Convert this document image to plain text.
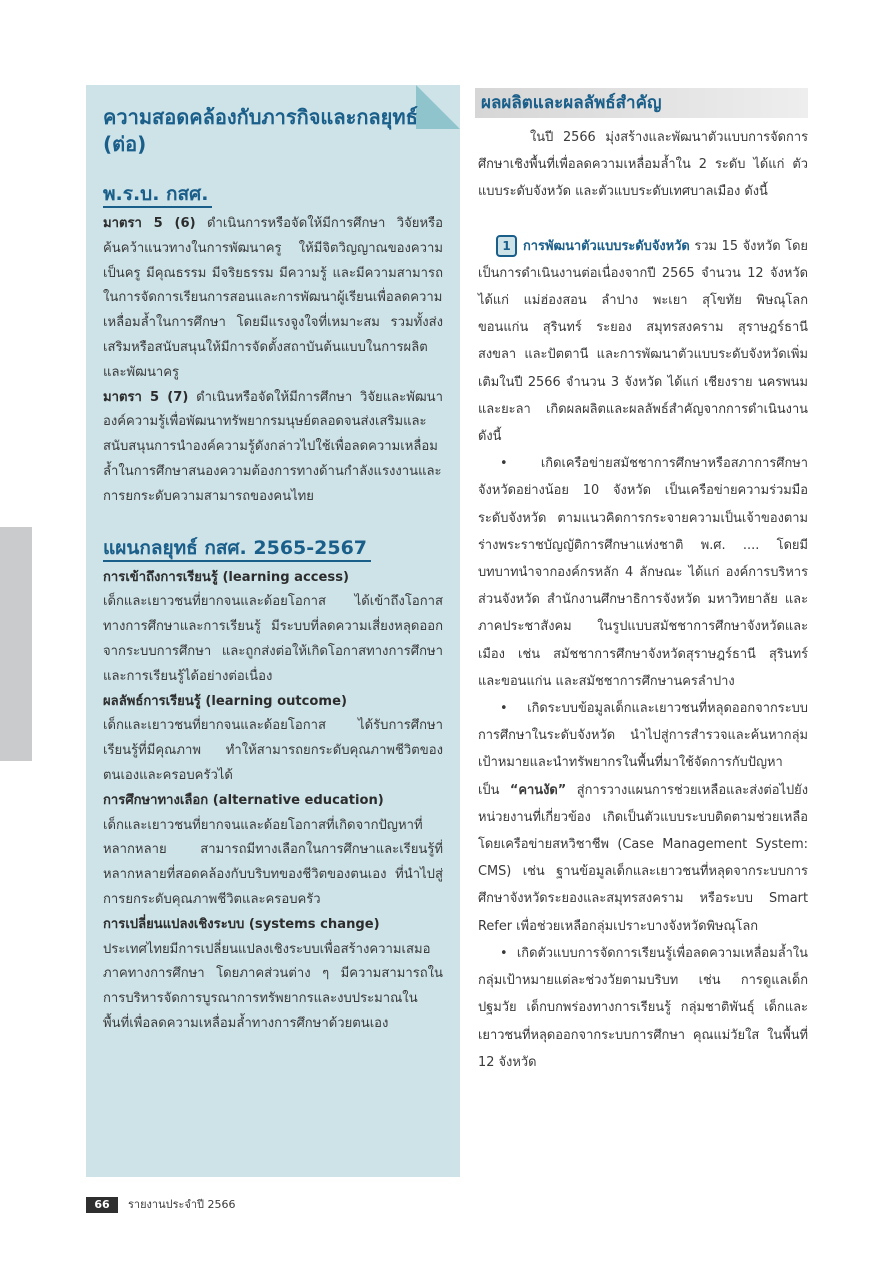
ความสอดคล้องกับภารกิจและกลยุทธ์ (ต่อ)
พ.ร.บ. กสศ.

มาตรา 5 (6) ดำเนินการหรือจัดให้มีการศึกษา วิจัยหรือค้นคว้าแนวทางในการพัฒนาครู ให้มีจิตวิญญาณของความเป็นครู มีคุณธรรม มีจริยธรรม มีความรู้ และมีความสามารถในการจัดการเรียนการสอนและการพัฒนาผู้เรียนเพื่อลดความเหลื่อมล้ำในการศึกษา โดยมีแรงจูงใจที่เหมาะสม รวมทั้งส่งเสริมหรือสนับสนุนให้มีการจัดตั้งสถาบันต้นแบบในการผลิตและพัฒนาครู

มาตรา 5 (7) ดำเนินหรือจัดให้มีการศึกษา วิจัยและพัฒนาองค์ความรู้เพื่อพัฒนาทรัพยากรมนุษย์ตลอดจนส่งเสริมและสนับสนุนการนำองค์ความรู้ดังกล่าวไปใช้เพื่อลดความเหลื่อมล้ำในการศึกษาสนองความต้องการทางด้านกำลังแรงงานและการยกระดับความสามารถของคนไทย

แผนกลยุทธ์ กสศ. 2565-2567

การเข้าถึงการเรียนรู้ (learning access)

เด็กและเยาวชนที่ยากจนและด้อยโอกาส ได้เข้าถึงโอกาสทางการศึกษาและการเรียนรู้ มีระบบที่ลดความเสี่ยงหลุดออกจากระบบการศึกษา และถูกส่งต่อให้เกิดโอกาสทางการศึกษาและการเรียนรู้ได้อย่างต่อเนื่อง

ผลลัพธ์การเรียนรู้ (learning outcome)

เด็กและเยาวชนที่ยากจนและด้อยโอกาส ได้รับการศึกษาเรียนรู้ที่มีคุณภาพ ทำให้สามารถยกระดับคุณภาพชีวิตของตนเองและครอบครัวได้

การศึกษาทางเลือก (alternative education)

เด็กและเยาวชนที่ยากจนและด้อยโอกาสที่เกิดจากปัญหาที่หลากหลาย สามารถมีทางเลือกในการศึกษาและเรียนรู้ที่หลากหลายที่สอดคล้องกับบริบทของชีวิตของตนเอง ที่นำไปสู่การยกระดับคุณภาพชีวิตและครอบครัว

การเปลี่ยนแปลงเชิงระบบ (systems change)

ประเทศไทยมีการเปลี่ยนแปลงเชิงระบบเพื่อสร้างความเสมอภาคทางการศึกษา โดยภาคส่วนต่าง ๆ มีความสามารถในการบริหารจัดการบูรณาการทรัพยากรและงบประมาณในพื้นที่เพื่อลดความเหลื่อมล้ำทางการศึกษาด้วยตนเอง

ผลผลิตและผลลัพธ์สำคัญ

ในปี 2566 มุ่งสร้างและพัฒนาตัวแบบการจัดการศึกษาเชิงพื้นที่เพื่อลดความเหลื่อมล้ำใน 2 ระดับ ได้แก่ ตัวแบบระดับจังหวัด และตัวแบบระดับเทศบาลเมือง ดังนี้

1 การพัฒนาตัวแบบระดับจังหวัด รวม 15 จังหวัด โดยเป็นการดำเนินงานต่อเนื่องจากปี 2565 จำนวน 12 จังหวัด ได้แก่ แม่ฮ่องสอน ลำปาง พะเยา สุโขทัย พิษณุโลก ขอนแก่น สุรินทร์ ระยอง สมุทรสงคราม สุราษฎร์ธานี สงขลา และปัตตานี และการพัฒนาตัวแบบระดับจังหวัดเพิ่มเติมในปี 2566 จำนวน 3 จังหวัด ได้แก่ เชียงราย นครพนม และยะลา เกิดผลผลิตและผลลัพธ์สำคัญจากการดำเนินงาน ดังนี้

• เกิดเครือข่ายสมัชชาการศึกษาหรือสภาการศึกษาจังหวัดอย่างน้อย 10 จังหวัด เป็นเครือข่ายความร่วมมือระดับจังหวัด ตามแนวคิดการกระจายความเป็นเจ้าของตามร่างพระราชบัญญัติการศึกษาแห่งชาติ พ.ศ. .... โดยมีบทบาทนำจากองค์กรหลัก 4 ลักษณะ ได้แก่ องค์การบริหารส่วนจังหวัด สำนักงานศึกษาธิการจังหวัด มหาวิทยาลัย และภาคประชาสังคม ในรูปแบบสมัชชาการศึกษาจังหวัดและเมือง เช่น สมัชชาการศึกษาจังหวัดสุราษฎร์ธานี สุรินทร์ และขอนแก่น และสมัชชาการศึกษานครลำปาง

• เกิดระบบข้อมูลเด็กและเยาวชนที่หลุดออกจากระบบการศึกษาในระดับจังหวัด นำไปสู่การสำรวจและค้นหากลุ่มเป้าหมายและนำทรัพยากรในพื้นที่มาใช้จัดการกับปัญหา เป็น “คานงัด” สู่การวางแผนการช่วยเหลือและส่งต่อไปยังหน่วยงานที่เกี่ยวข้อง เกิดเป็นตัวแบบระบบติดตามช่วยเหลือโดยเครือข่ายสหวิชาชีพ (Case Management System: CMS) เช่น ฐานข้อมูลเด็กและเยาวชนที่หลุดจากระบบการศึกษาจังหวัดระยองและสมุทรสงคราม หรือระบบ Smart Refer เพื่อช่วยเหลือกลุ่มเปราะบางจังหวัดพิษณุโลก

• เกิดตัวแบบการจัดการเรียนรู้เพื่อลดความเหลื่อมล้ำในกลุ่มเป้าหมายแต่ละช่วงวัยตามบริบท เช่น การดูแลเด็กปฐมวัย เด็กบกพร่องทางการเรียนรู้ กลุ่มชาติพันธุ์ เด็กและเยาวชนที่หลุดออกจากระบบการศึกษา คุณแม่วัยใส ในพื้นที่ 12 จังหวัด

66	รายงานประจำปี 2566
